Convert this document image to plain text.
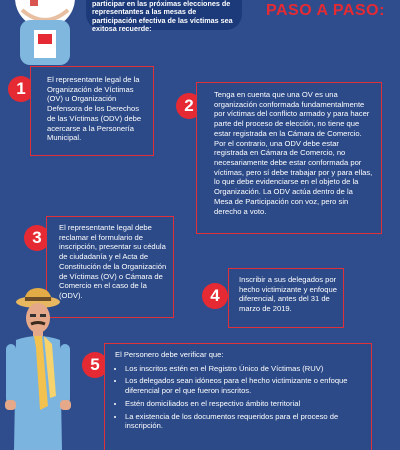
participar en las próximas elecciones de representantes a las mesas de participación efectiva de las víctimas sea exitosa recuerde:
PASO A PASO:
1	El representante legal de la Organización de Víctimas (OV) u Organización Defensora de los Derechos de las Víctimas (ODV) debe acercarse a la Personería Municipal.

2

Tenga en cuenta que una OV es una organización conformada fundamentalmente por víctimas del conflicto armado y para hacer parte del proceso de elección, no tiene que estar registrada en la Cámara de Comercio. Por el contrario, una ODV debe estar registrada en Cámara de Comercio, no necesariamente debe estar conformada por víctimas, pero sí debe trabajar por y para ellas, lo que debe evidenciarse en el objeto de la Organización. La ODV actúa dentro de la Mesa de Participación con voz, pero sin derecho a voto.

3

El representante legal debe reclamar el formulario de inscripción, presentar su cédula de ciudadanía y el Acta de Constitución de la Organización de Víctimas (OV) o Cámara de Comercio en el caso de la (ODV).	4

Inscribir a sus delegados por hecho victimizante y enfoque diferencial, antes del 31 de marzo de 2019.

5

El Personero debe verificar que:

• Los inscritos estén en el Registro Único de Víctimas (RUV)
• Los delegados sean idóneos para el hecho victimizante o enfoque diferencial por el que fueron inscritos.
• Estén domiciliados en el respectivo ámbito territorial
• La existencia de los documentos requeridos para el proceso de inscripción.
